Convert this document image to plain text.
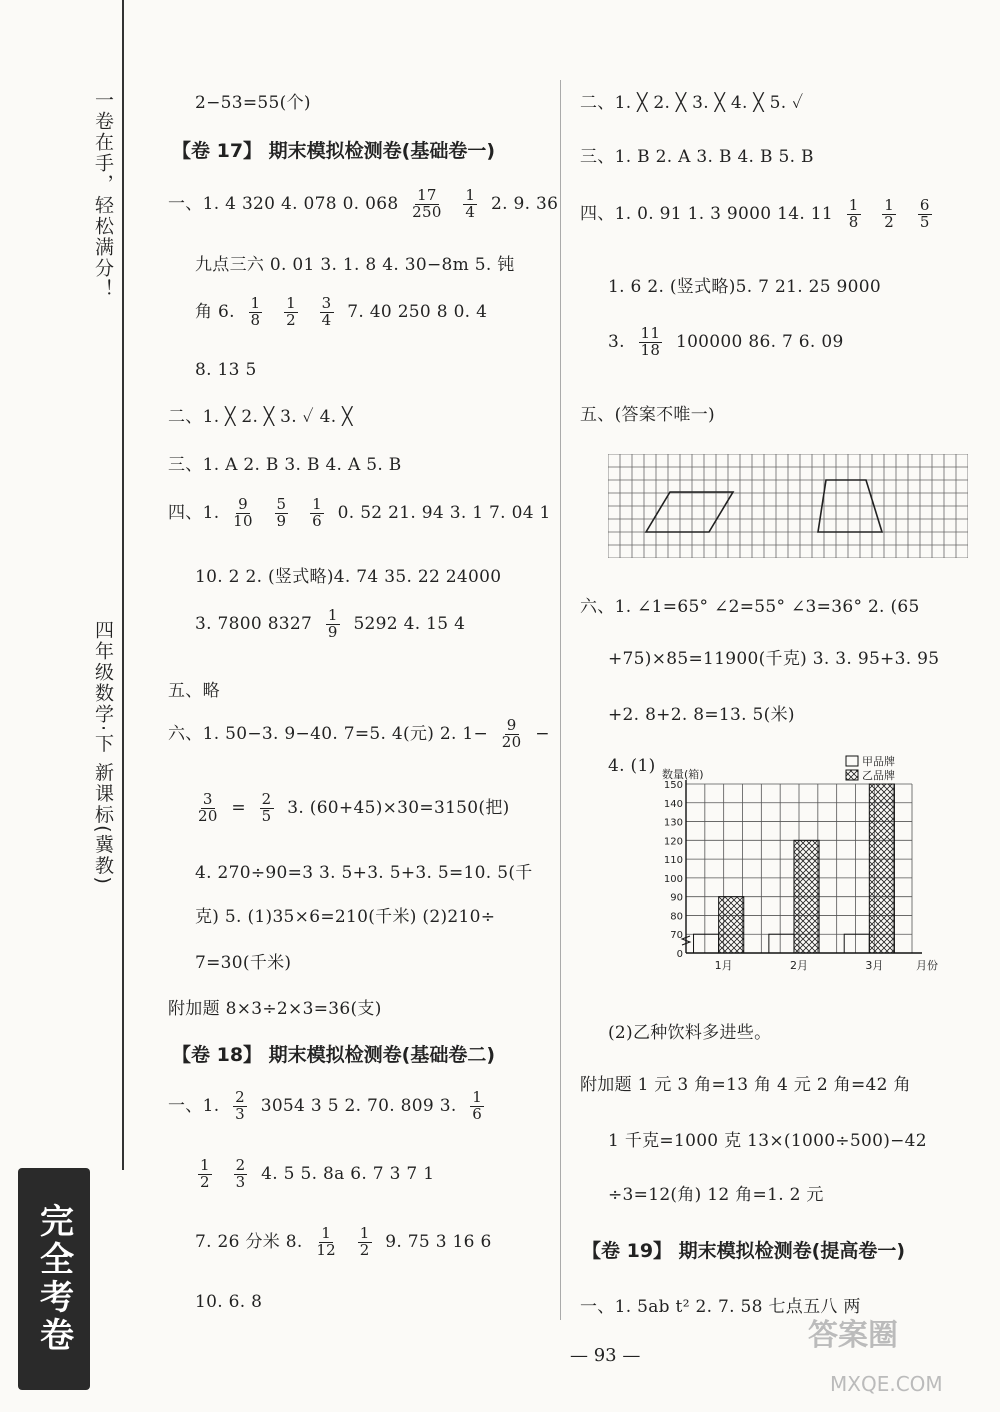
一卷在手，轻松满分！
四年级数学·下 新课标(冀教)
完全考卷
2−53=55(个)
【卷 17】 期末模拟检测卷(基础卷一)
一、1. 4 320 4. 078 0. $068 \frac{17}{250}$
$\frac{1}{4} 2$. 9. 36
九点三六 0. 01 3. 1. 8 4. 30−8m 5. 钝
角 6. $\frac{1}{8}$
$\frac{1}{2}$
$\frac{3}{4} 7$. 40 250 8 0. 4
8. 13 5
二、1. ╳ 2. ╳ 3. ✓ 4. ╳
三、1. A 2. B 3. B 4. A 5. B
四、1. $\frac{9}{10}$
$\frac{5}{9}$
$\frac{1}{6} 0$. 52 21. 94 3. 1 7. 04 1
10. 2 2. (竖式略)4. 74 35. 22 24000
3. 7800 $8327 \frac{1}{9} 5292$ 4. 15 4
五、略
六、1. 50−3. 9−40. 7=5. 4(元) 2. $1- \frac{9}{20}$ −
$\frac{3}{20} = \frac{2}{5} 3$. (60+45)×30=3150(把)
4. 270÷90=3 3. 5+3. 5+3. 5=10. 5(千
克) 5. (1)35×6=210(千米) (2)210÷
7=30(千米)
附加题 8×3÷2×3=36(支)
【卷 18】 期末模拟检测卷(基础卷二)
一、1. $\frac{2}{3} 3054$ 3 5 2. 70. 809 3. $\frac{1}{6}$
$\frac{1}{2}$
$\frac{2}{3} 4$. 5 5. 8a 6. 7 3 7 1
7. 26 分米 8. $\frac{1}{12}$
$\frac{1}{2} 9$. 75 3 16 6
10. 6. 8
二、1. ╳ 2. ╳ 3. ╳ 4. ╳ 5. ✓
三、1. B 2. A 3. B 4. B 5. B
四、1. 0. 91 1. 3 9000 14. $11 \frac{1}{8}$
$\frac{1}{2}$
$\frac{6}{5}$
1. 6 2. (竖式略)5. 7 21. 25 9000
3. $\frac{11}{18} 100000$ 86. 7 6. 09
五、(答案不唯一)
六、1. ∠1=65° ∠2=55° ∠3=36° 2. (65
+75)×85=11900(千克) 3. 3. 95+3. 95
+2. 8+2. 8=13. 5(米)
4. (1)
0
70
80
90
100
110
120
130
140
150
数量(箱)
月份
1月	2月	3月
甲品牌
乙品牌
(2)乙种饮料多进些。
附加题 1 元 3 角=13 角 4 元 2 角=42 角
1 千克=1000 克 13×(1000÷500)−42
÷3=12(角) 12 角=1. 2 元
【卷 19】 期末模拟检测卷(提高卷一)
一、1. 5ab t² 2. 7. 58 七点五八 两
— 93 —
答案圈
MXQE.COM
